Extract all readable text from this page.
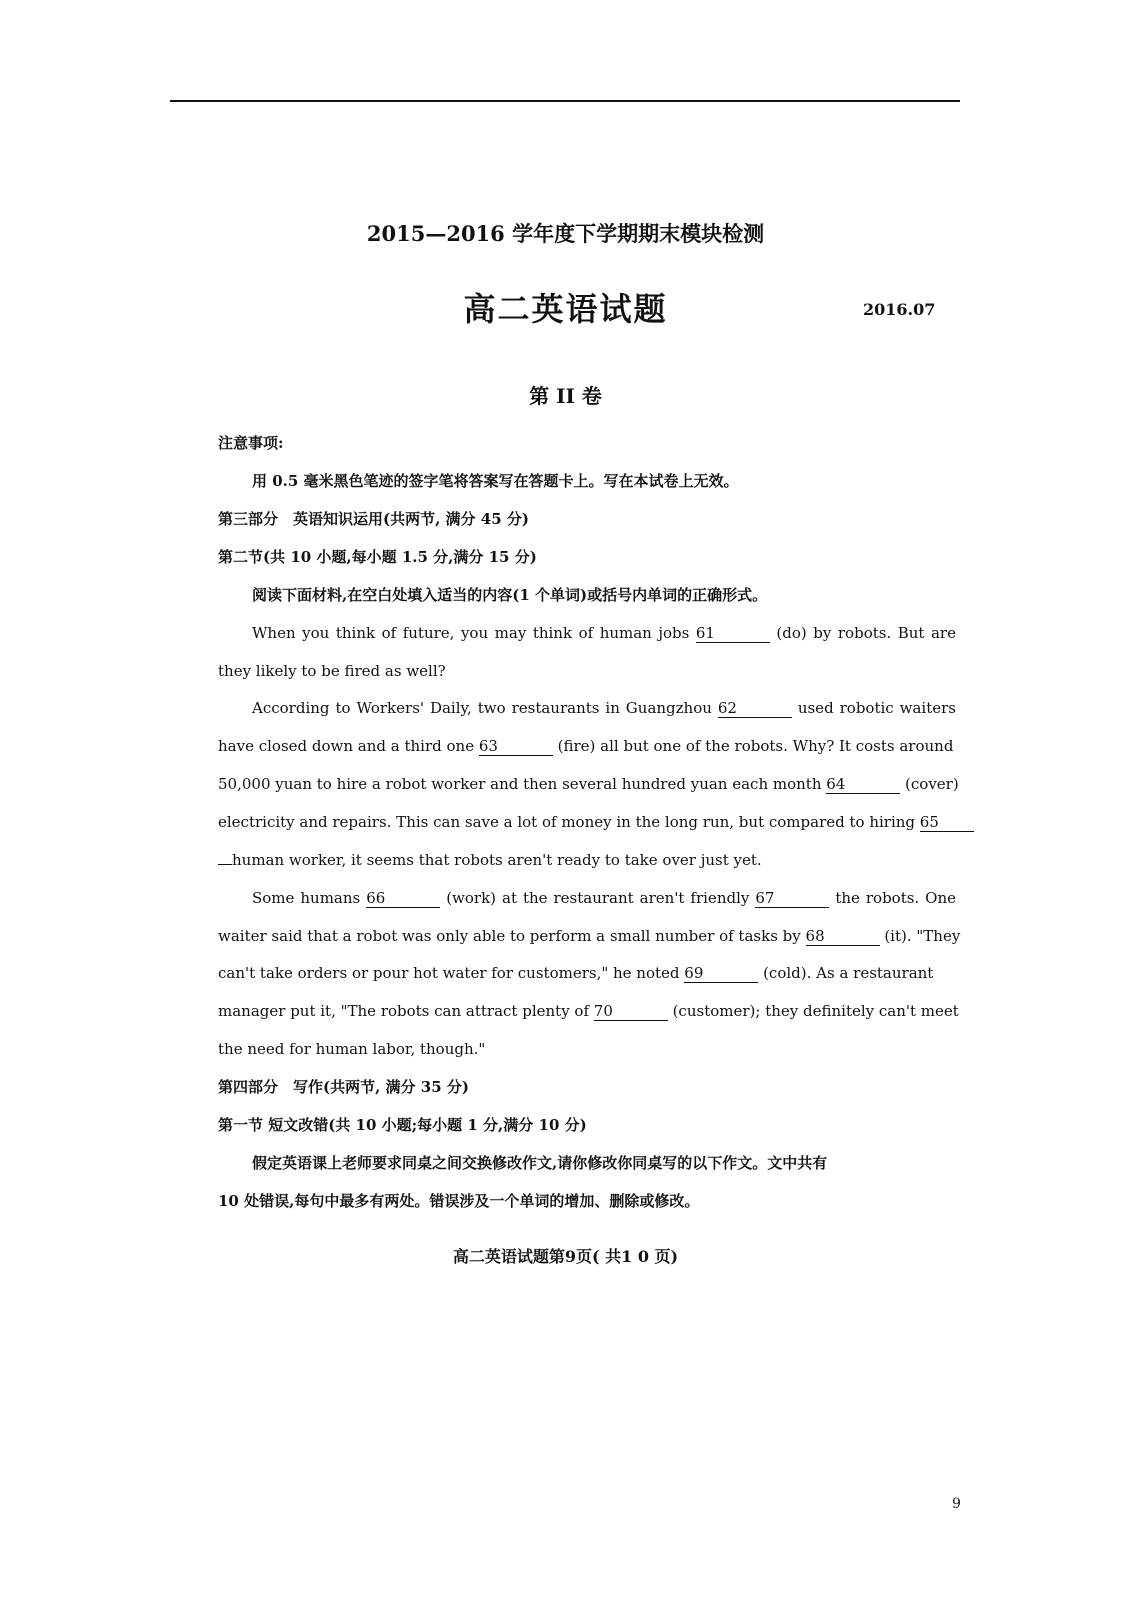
2015—2016 学年度下学期期末模块检测
高二英语试题	2016.07
第 II 卷
注意事项:
用 0.5 毫米黑色笔迹的签字笔将答案写在答题卡上。写在本试卷上无效。
第三部分　英语知识运用(共两节, 满分 45 分)
第二节(共 10 小题,每小题 1.5 分,满分 15 分)
阅读下面材料,在空白处填入适当的内容(1 个单词)或括号内单词的正确形式。
When you think of future, you may think of human jobs 61	(do) by robots. But are
they likely to be fired as well?
According to Workers' Daily, two restaurants in Guangzhou 62	used robotic waiters
have closed down and a third one 63	(fire) all but one of the robots. Why? It costs around
50,000 yuan to hire a robot worker and then several hundred yuan each month 64	(cover)
electricity and repairs. This can save a lot of money in the long run, but compared to hiring 65
human worker, it seems that robots aren't ready to take over just yet.
Some humans 66	(work) at the restaurant aren't friendly 67	the robots. One
waiter said that a robot was only able to perform a small number of tasks by 68	(it). "They
can't take orders or pour hot water for customers," he noted 69	(cold). As a restaurant
manager put it, "The robots can attract plenty of 70	(customer); they definitely can't meet
the need for human labor, though."
第四部分　写作(共两节, 满分 35 分)
第一节 短文改错(共 10 小题;每小题 1 分,满分 10 分)
假定英语课上老师要求同桌之间交换修改作文,请你修改你同桌写的以下作文。文中共有
10 处错误,每句中最多有两处。错误涉及一个单词的增加、删除或修改。
高二英语试题第9页( 共1 0 页)
9
